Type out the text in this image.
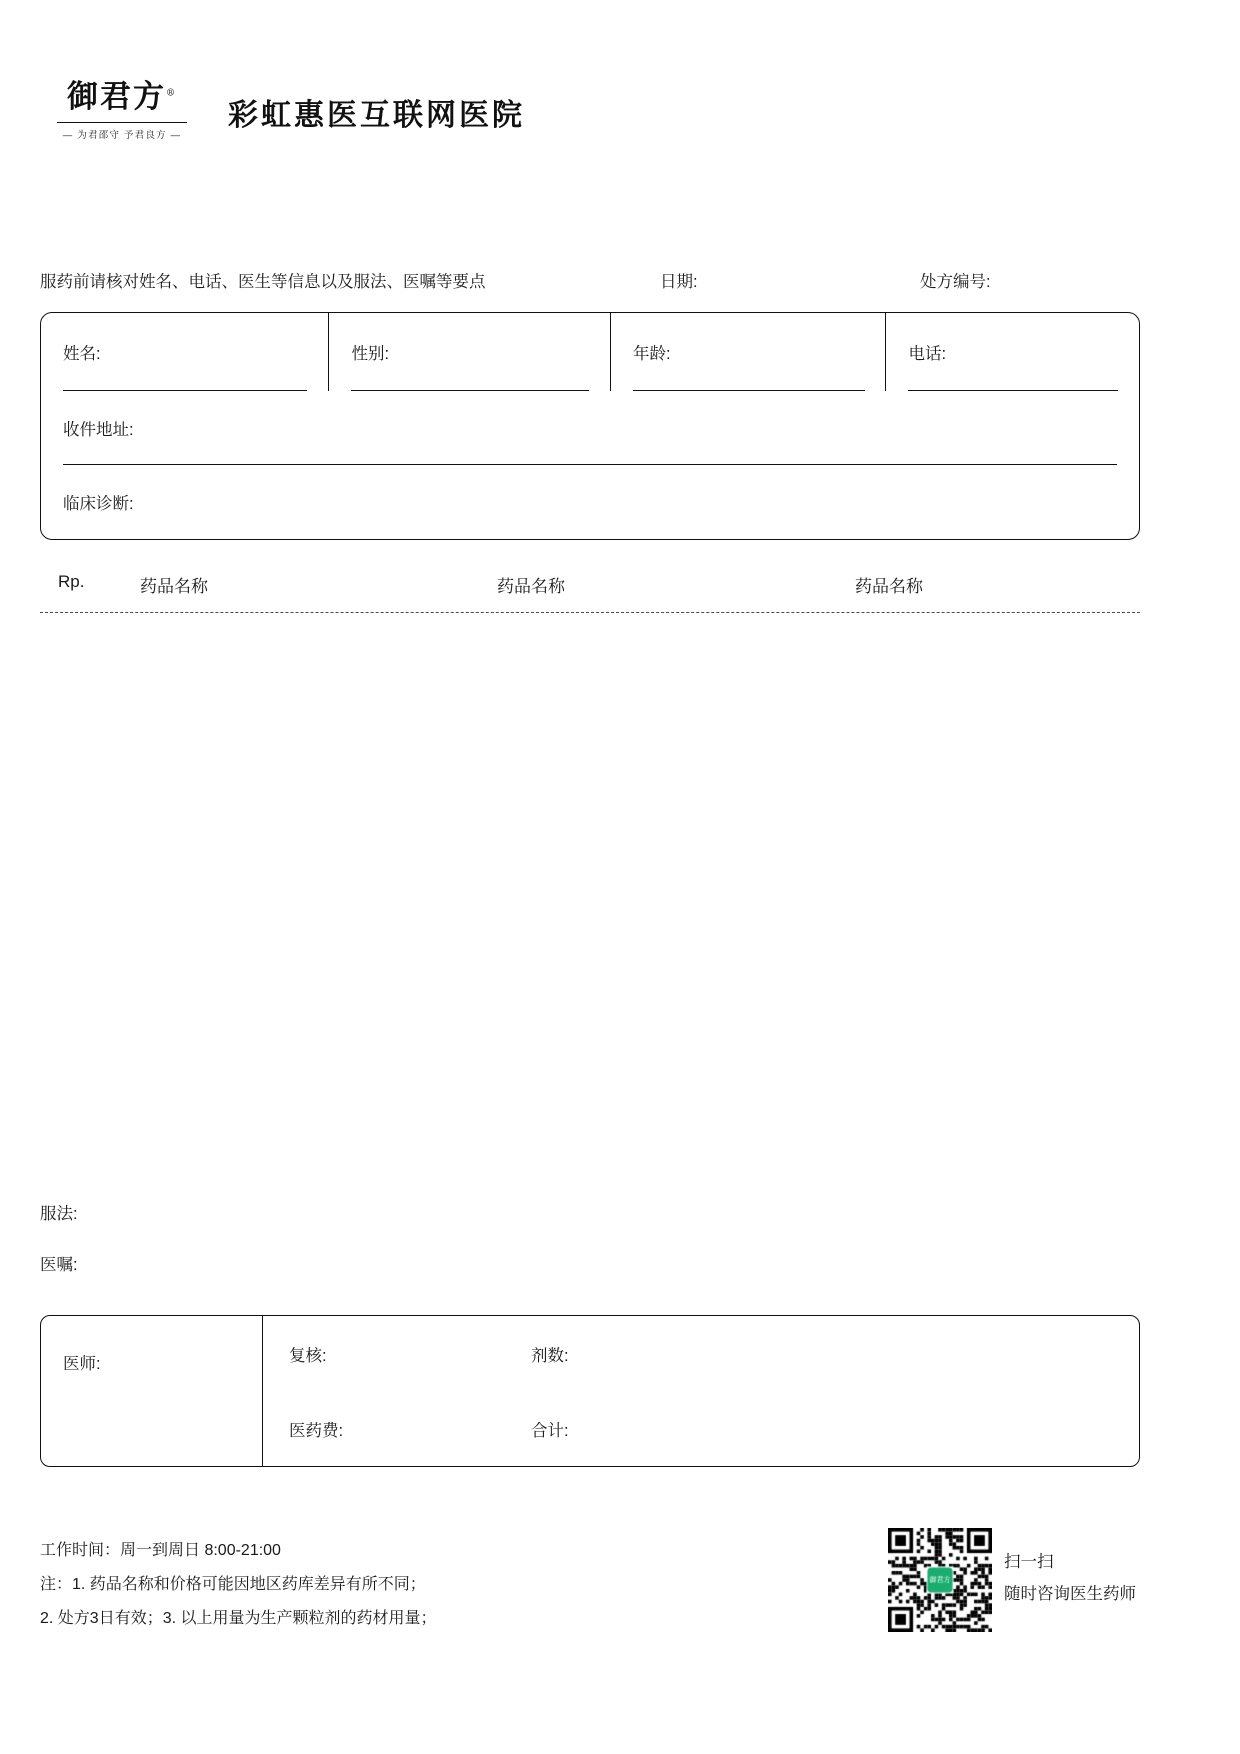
御君方®
— 为君邵守 予君良方 —
彩虹惠医互联网医院
服药前请核对姓名、电话、医生等信息以及服法、医嘱等要点	日期:	处方编号:
姓名:	性别:	年龄:	电话:
收件地址:
临床诊断:
Rp.	药品名称	药品名称	药品名称
服法:
医嘱:
医师:	复核:	剂数:
医药费:	合计:
工作时间：周一到周日 8:00-21:00
注：1. 药品名称和价格可能因地区药库差异有所不同；
2. 处方3日有效；3. 以上用量为生产颗粒剂的药材用量；
扫一扫
随时咨询医生药师
